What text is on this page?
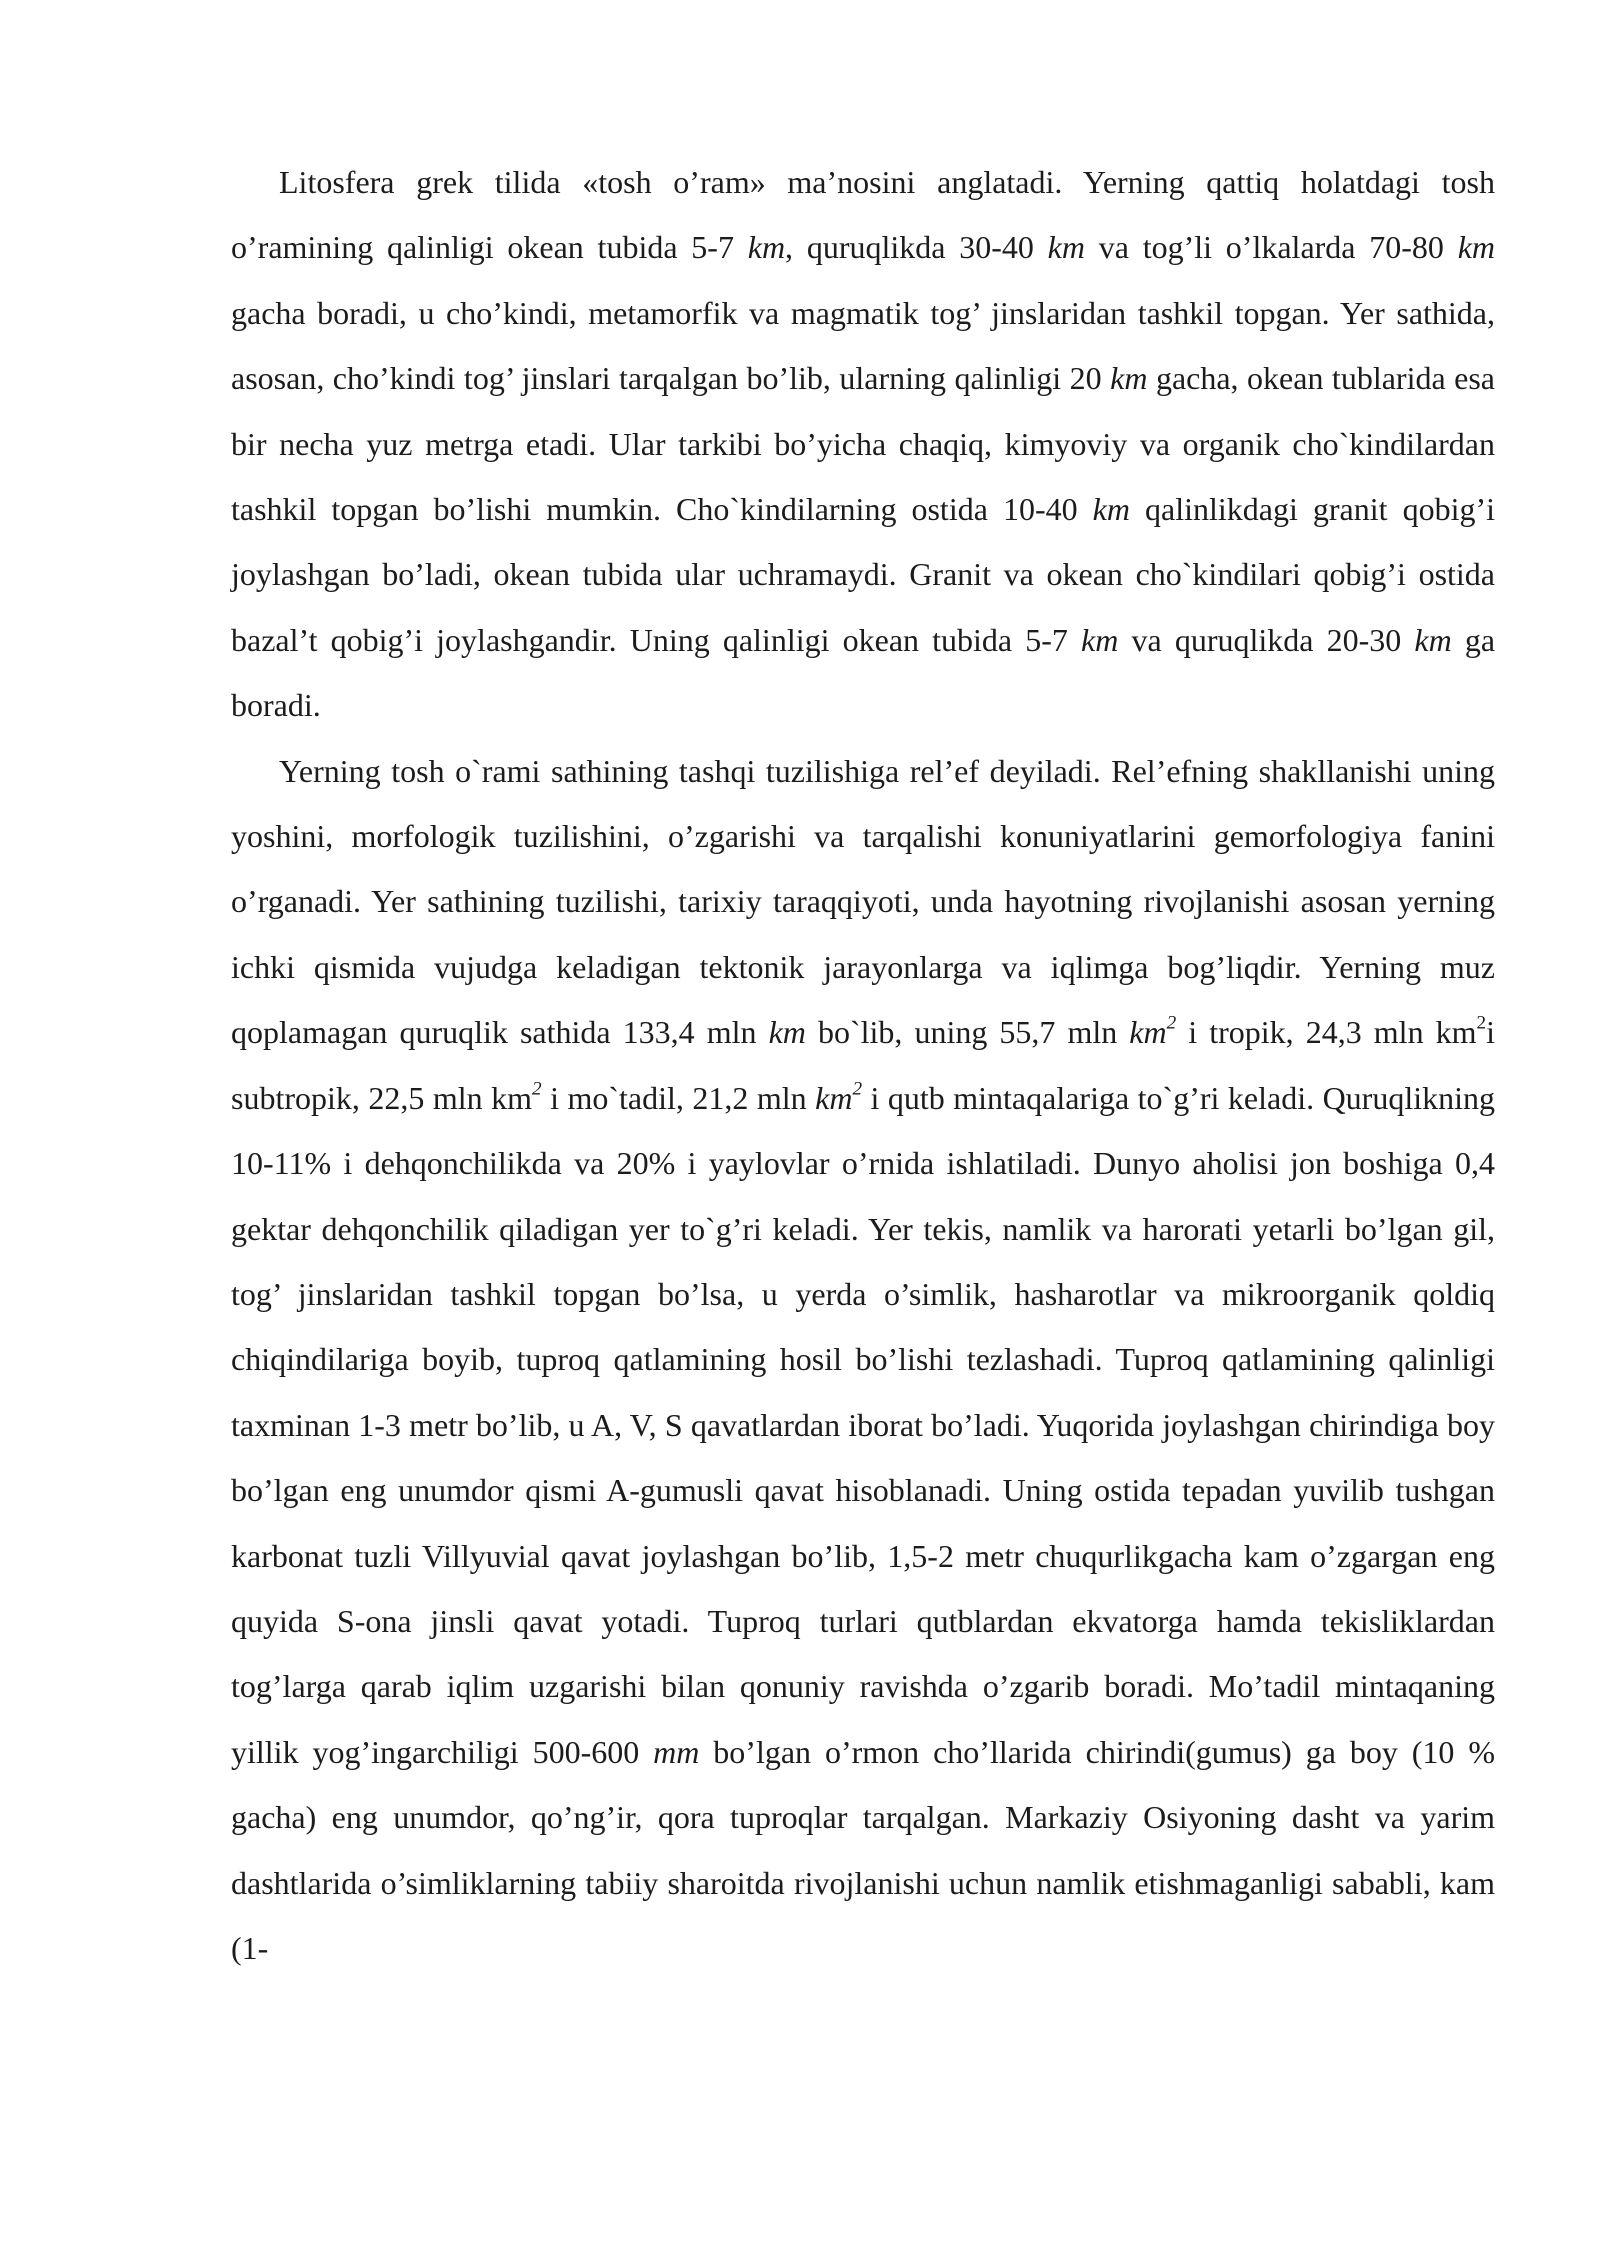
Litosfera grek tilida «tosh o’ram» ma’nosini anglatadi. Yerning qattiq holatdagi tosh o’ramining qalinligi okean tubida 5-7 km, quruqlikda 30-40 km va tog’li o’lkalarda 70-80 km gacha boradi, u cho’kindi, metamorfik va magmatik tog’ jinslaridan tashkil topgan. Yer sathida, asosan, cho’kindi tog’ jinslari tarqalgan bo’lib, ularning qalinligi 20 km gacha, okean tublarida esa bir necha yuz metrga etadi. Ular tarkibi bo’yicha chaqiq, kimyoviy va organik cho`kindilardan tashkil topgan bo’lishi mumkin. Cho`kindilarning ostida 10-40 km qalinlikdagi granit qobig’i joylashgan bo’ladi, okean tubida ular uchramaydi. Granit va okean cho`kindilari qobig’i ostida bazal’t qobig’i joylashgandir. Uning qalinligi okean tubida 5-7 km va quruqlikda 20-30 km ga boradi.

Yerning tosh o`rami sathining tashqi tuzilishiga rel’ef deyiladi. Rel’efning shakllanishi uning yoshini, morfologik tuzilishini, o’zgarishi va tarqalishi konuniyatlarini gemorfologiya fanini o’rganadi. Yer sathining tuzilishi, tarixiy taraqqiyoti, unda hayotning rivojlanishi asosan yerning ichki qismida vujudga keladigan tektonik jarayonlarga va iqlimga bog’liqdir. Yerning muz qoplamagan quruqlik sathida 133,4 mln km bo`lib, uning 55,7 mln $km^2$ i tropik, 24,3 mln $km^2i$ subtropik, 22,5 mln $km^2$ i mo`tadil, 21,2 mln $km^2$ i qutb mintaqalariga to`g’ri keladi. Quruqlikning 10-11% i dehqonchilikda va 20% i yaylovlar o’rnida ishlatiladi. Dunyo aholisi jon boshiga 0,4 gektar dehqonchilik qiladigan yer to`g’ri keladi. Yer tekis, namlik va harorati yetarli bo’lgan gil, tog’ jinslaridan tashkil topgan bo’lsa, u yerda o’simlik, hasharotlar va mikroorganik qoldiq chiqindilariga boyib, tuproq qatlamining hosil bo’lishi tezlashadi. Tuproq qatlamining qalinligi taxminan 1-3 metr bo’lib, u A, V, S qavatlardan iborat bo’ladi. Yuqorida joylashgan chirindiga boy bo’lgan eng unumdor qismi A-gumusli qavat hisoblanadi. Uning ostida tepadan yuvilib tushgan karbonat tuzli Villyuvial qavat joylashgan bo’lib, 1,5-2 metr chuqurlikgacha kam o’zgargan eng quyida S-ona jinsli qavat yotadi. Tuproq turlari qutblardan ekvatorga hamda tekisliklardan tog’larga qarab iqlim uzgarishi bilan qonuniy ravishda o’zgarib boradi. Mo’tadil mintaqaning yillik yog’ingarchiligi 500-600 mm bo’lgan o’rmon cho’llarida chirindi(gumus) ga boy (10 % gacha) eng unumdor, qo’ng’ir, qora tuproqlar tarqalgan. Markaziy Osiyoning dasht va yarim dashtlarida o’simliklarning tabiiy sharoitda rivojlanishi uchun namlik etishmaganligi sababli, kam (1-
